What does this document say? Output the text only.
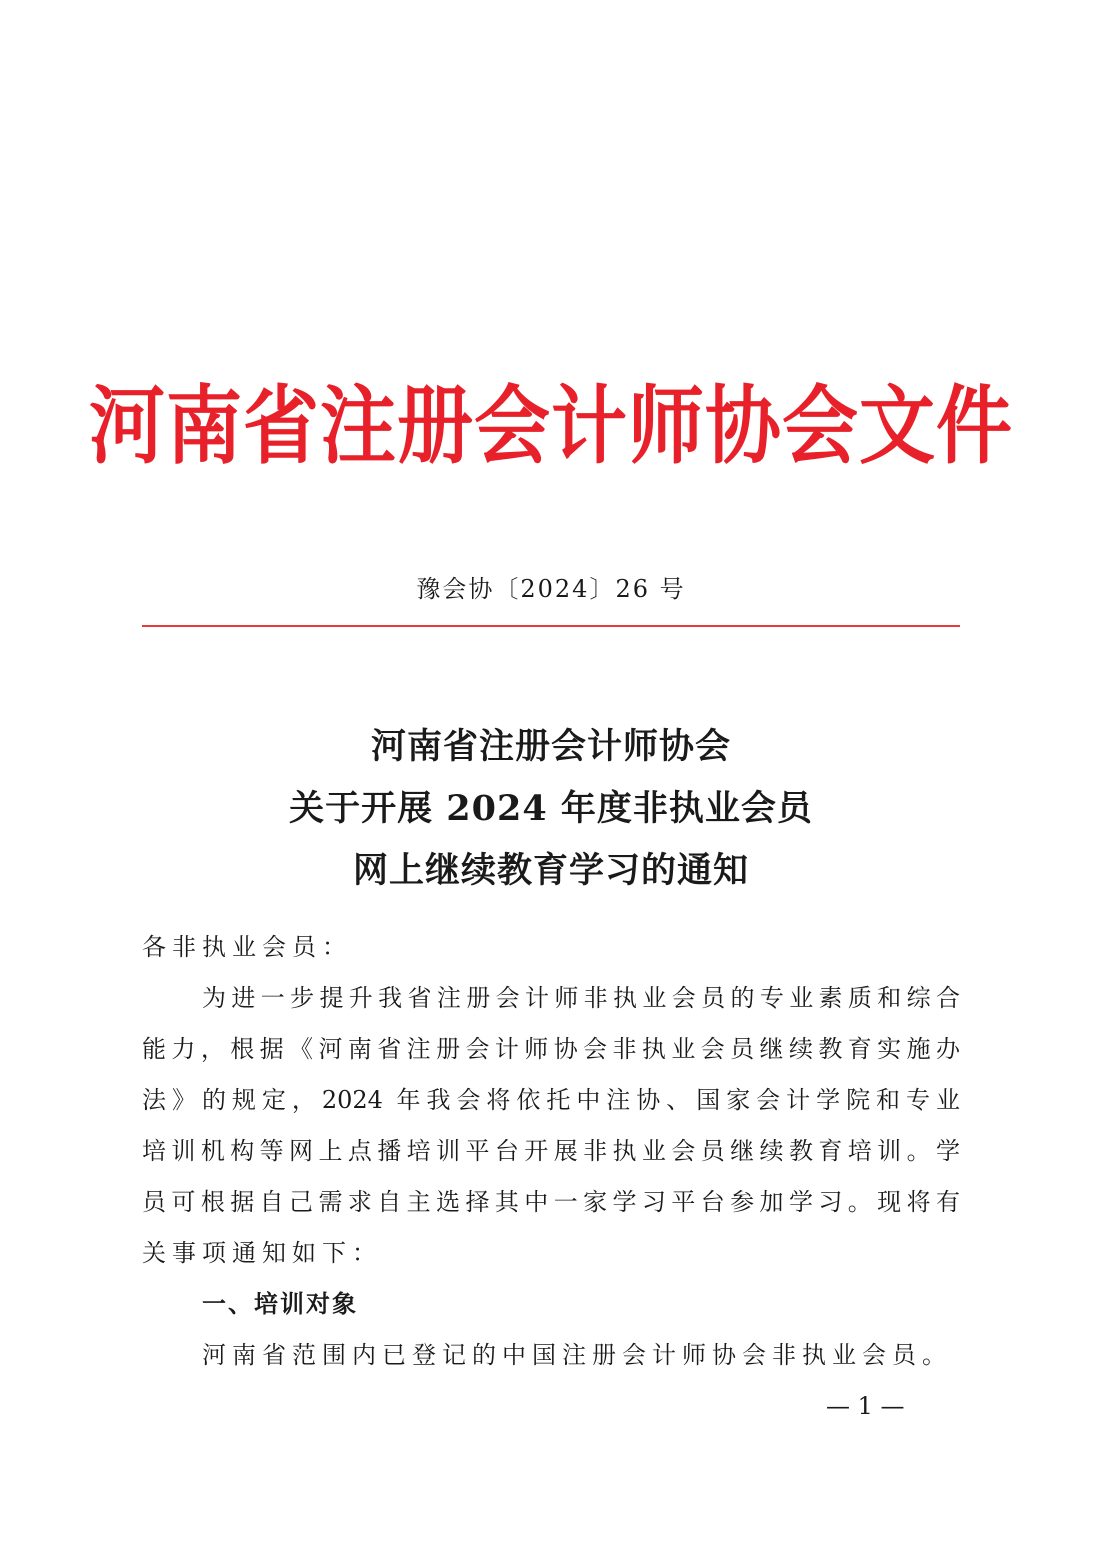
河南省注册会计师协会文件
豫会协〔2024〕26 号
河南省注册会计师协会
关于开展 2024 年度非执业会员
网上继续教育学习的通知
各非执业会员：
为进一步提升我省注册会计师非执业会员的专业素质和综合
能力，根据《河南省注册会计师协会非执业会员继续教育实施办
法》的规定，2024 年我会将依托中注协、国家会计学院和专业
培训机构等网上点播培训平台开展非执业会员继续教育培训。学
员可根据自己需求自主选择其中一家学习平台参加学习。现将有
关事项通知如下：
一、培训对象
河南省范围内已登记的中国注册会计师协会非执业会员。
— 1 —
